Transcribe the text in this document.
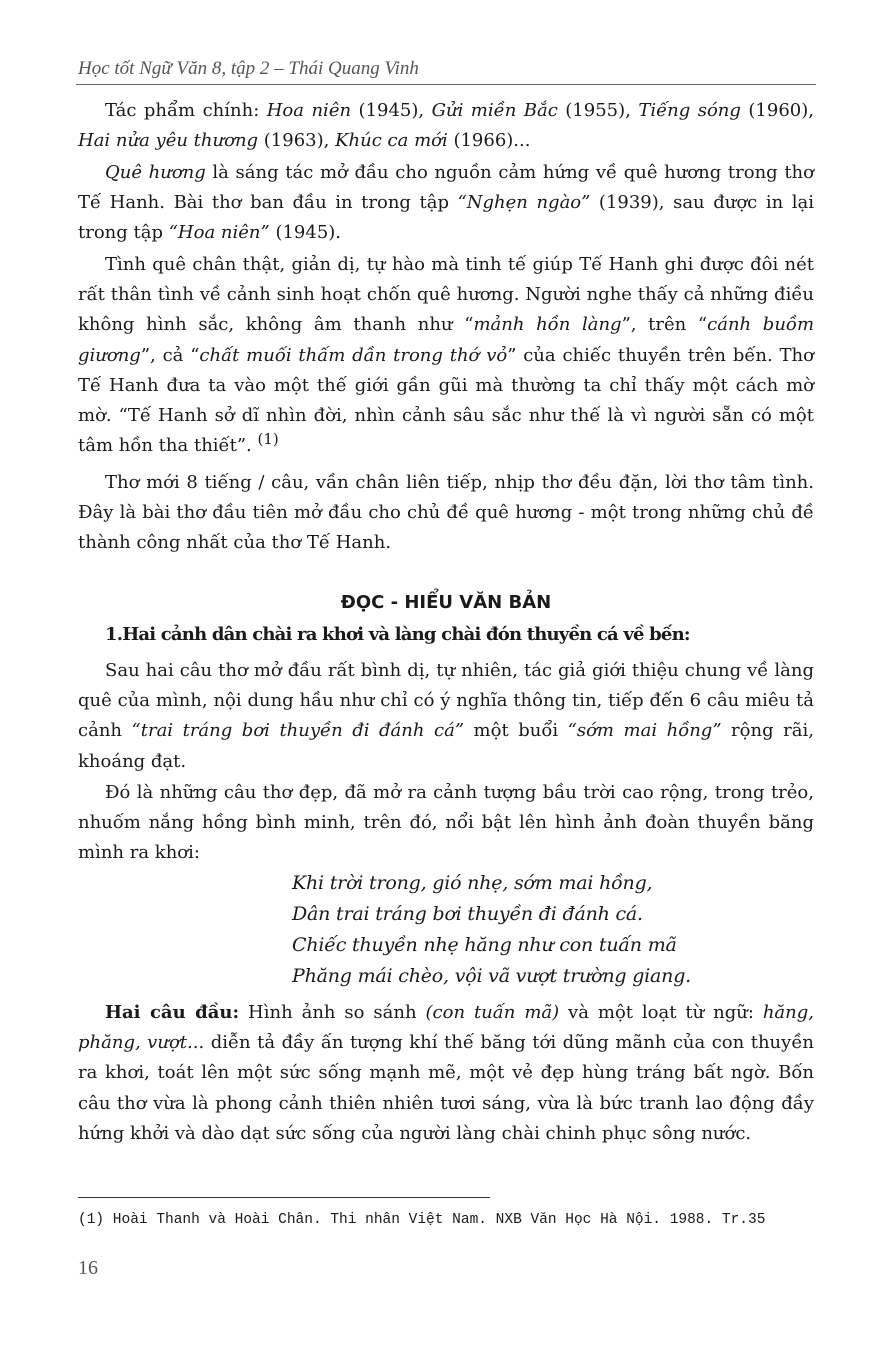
Học tốt Ngữ Văn 8, tập 2 – Thái Quang Vinh

Tác phẩm chính: Hoa niên (1945), Gửi miền Bắc (1955), Tiếng sóng (1960), Hai nửa yêu thương (1963), Khúc ca mới (1966)...

Quê hương là sáng tác mở đầu cho nguồn cảm hứng về quê hương trong thơ Tế Hanh. Bài thơ ban đầu in trong tập “Nghẹn ngào” (1939), sau được in lại trong tập “Hoa niên” (1945).

Tình quê chân thật, giản dị, tự hào mà tinh tế giúp Tế Hanh ghi được đôi nét rất thân tình về cảnh sinh hoạt chốn quê hương. Người nghe thấy cả những điều không hình sắc, không âm thanh như “mảnh hồn làng”, trên “cánh buồm giương”, cả “chất muối thấm dần trong thớ vỏ” của chiếc thuyền trên bến. Thơ Tế Hanh đưa ta vào một thế giới gần gũi mà thường ta chỉ thấy một cách mờ mờ. “Tế Hanh sở dĩ nhìn đời, nhìn cảnh sâu sắc như thế là vì người sẵn có một tâm hồn tha thiết”. $^{(1)}$

Thơ mới 8 tiếng / câu, vần chân liên tiếp, nhịp thơ đều đặn, lời thơ tâm tình. Đây là bài thơ đầu tiên mở đầu cho chủ đề quê hương - một trong những chủ đề thành công nhất của thơ Tế Hanh.

ĐỌC - HIỂU VĂN BẢN
1.Hai cảnh dân chài ra khơi và làng chài đón thuyền cá về bến:

Sau hai câu thơ mở đầu rất bình dị, tự nhiên, tác giả giới thiệu chung về làng quê của mình, nội dung hầu như chỉ có ý nghĩa thông tin, tiếp đến 6 câu miêu tả cảnh “trai tráng bơi thuyền đi đánh cá” một buổi “sớm mai hồng” rộng rãi, khoáng đạt.

Đó là những câu thơ đẹp, đã mở ra cảnh tượng bầu trời cao rộng, trong trẻo, nhuốm nắng hồng bình minh, trên đó, nổi bật lên hình ảnh đoàn thuyền băng mình ra khơi:

Khi trời trong, gió nhẹ, sớm mai hồng,
Dân trai tráng bơi thuyền đi đánh cá.
Chiếc thuyền nhẹ hăng như con tuấn mã
Phăng mái chèo, vội vã vượt trường giang.

Hai câu đầu: Hình ảnh so sánh (con tuấn mã) và một loạt từ ngữ: hăng, phăng, vượt... diễn tả đầy ấn tượng khí thế băng tới dũng mãnh của con thuyền ra khơi, toát lên một sức sống mạnh mẽ, một vẻ đẹp hùng tráng bất ngờ. Bốn câu thơ vừa là phong cảnh thiên nhiên tươi sáng, vừa là bức tranh lao động đầy hứng khởi và dào dạt sức sống của người làng chài chinh phục sông nước.

(1) Hoài Thanh và Hoài Chân. Thi nhân Việt Nam. NXB Văn Học Hà Nội. 1988. Tr.35
16
